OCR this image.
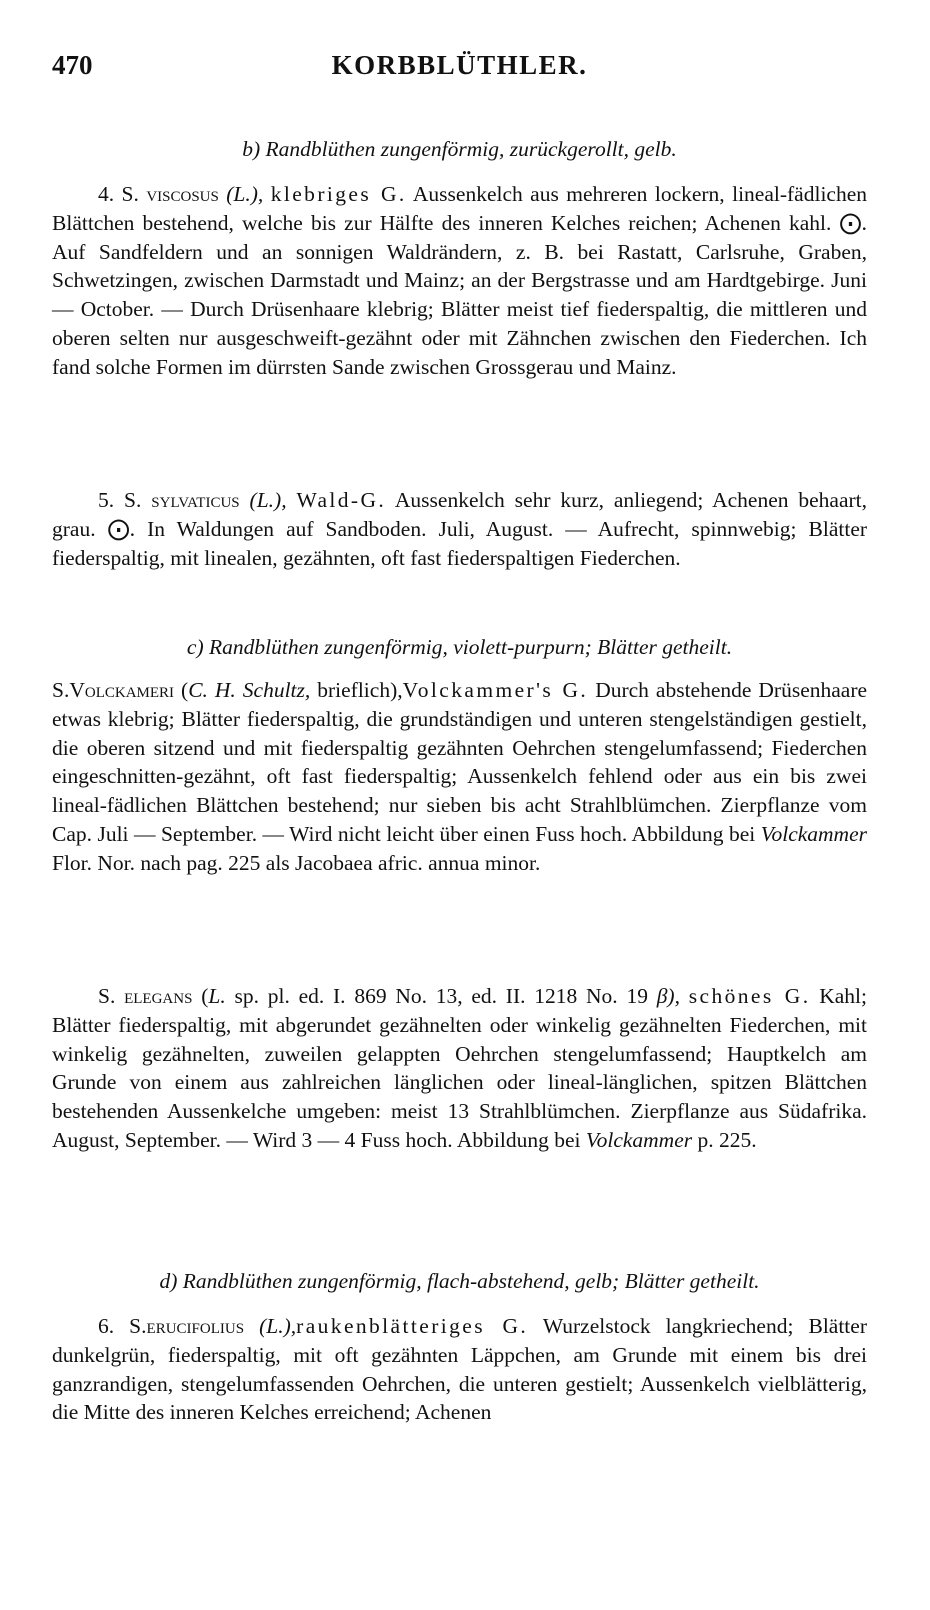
470	KORBBLÜTHLER.
b) Randblüthen zungenförmig, zurückgerollt, gelb.

4. S. viscosus (L.), klebriges G. Aussenkelch aus mehreren lockern, lineal-fädlichen Blättchen bestehend, welche bis zur Hälfte des inneren Kelches reichen; Achenen kahl. ⨀. Auf Sandfeldern und an sonnigen Waldrändern, z. B. bei Rastatt, Carlsruhe, Graben, Schwetzingen, zwischen Darmstadt und Mainz; an der Bergstrasse und am Hardtgebirge. Juni — October. — Durch Drüsenhaare klebrig; Blätter meist tief fiederspaltig, die mittleren und oberen selten nur ausgeschweift-gezähnt oder mit Zähnchen zwischen den Fiederchen. Ich fand solche Formen im dürrsten Sande zwischen Grossgerau und Mainz.

5. S. sylvaticus (L.), Wald-G. Aussenkelch sehr kurz, anliegend; Achenen behaart, grau. ⨀. In Waldungen auf Sandboden. Juli, August. — Aufrecht, spinnwebig; Blätter fiederspaltig, mit linealen, gezähnten, oft fast fiederspaltigen Fiederchen.

c) Randblüthen zungenförmig, violett-purpurn; Blätter getheilt.

S.Volckameri (C. H. Schultz, brieflich),Volckammer's G. Durch abstehende Drüsenhaare etwas klebrig; Blätter fiederspaltig, die grundständigen und unteren stengelständigen gestielt, die oberen sitzend und mit fiederspaltig gezähnten Oehrchen stengelumfassend; Fiederchen eingeschnitten-gezähnt, oft fast fiederspaltig; Aussenkelch fehlend oder aus ein bis zwei lineal-fädlichen Blättchen bestehend; nur sieben bis acht Strahlblümchen. Zierpflanze vom Cap. Juli — September. — Wird nicht leicht über einen Fuss hoch. Abbildung bei Volckammer Flor. Nor. nach pag. 225 als Jacobaea afric. annua minor.

S. elegans (L. sp. pl. ed. I. 869 No. 13, ed. II. 1218 No. 19 β), schönes G. Kahl; Blätter fiederspaltig, mit abgerundet gezähnelten oder winkelig gezähnelten Fiederchen, mit winkelig gezähnelten, zuweilen gelappten Oehrchen stengelumfassend; Hauptkelch am Grunde von einem aus zahlreichen länglichen oder lineal-länglichen, spitzen Blättchen bestehenden Aussenkelche umgeben: meist 13 Strahlblümchen. Zierpflanze aus Südafrika. August, September. — Wird 3 — 4 Fuss hoch. Abbildung bei Volckammer p. 225.

d) Randblüthen zungenförmig, flach-abstehend, gelb; Blätter getheilt.

6. S.erucifolius (L.),raukenblätteriges G. Wurzelstock langkriechend; Blätter dunkelgrün, fiederspaltig, mit oft gezähnten Läppchen, am Grunde mit einem bis drei ganzrandigen, stengelumfassenden Oehrchen, die unteren gestielt; Aussenkelch vielblätterig, die Mitte des inneren Kelches erreichend; Achenen
